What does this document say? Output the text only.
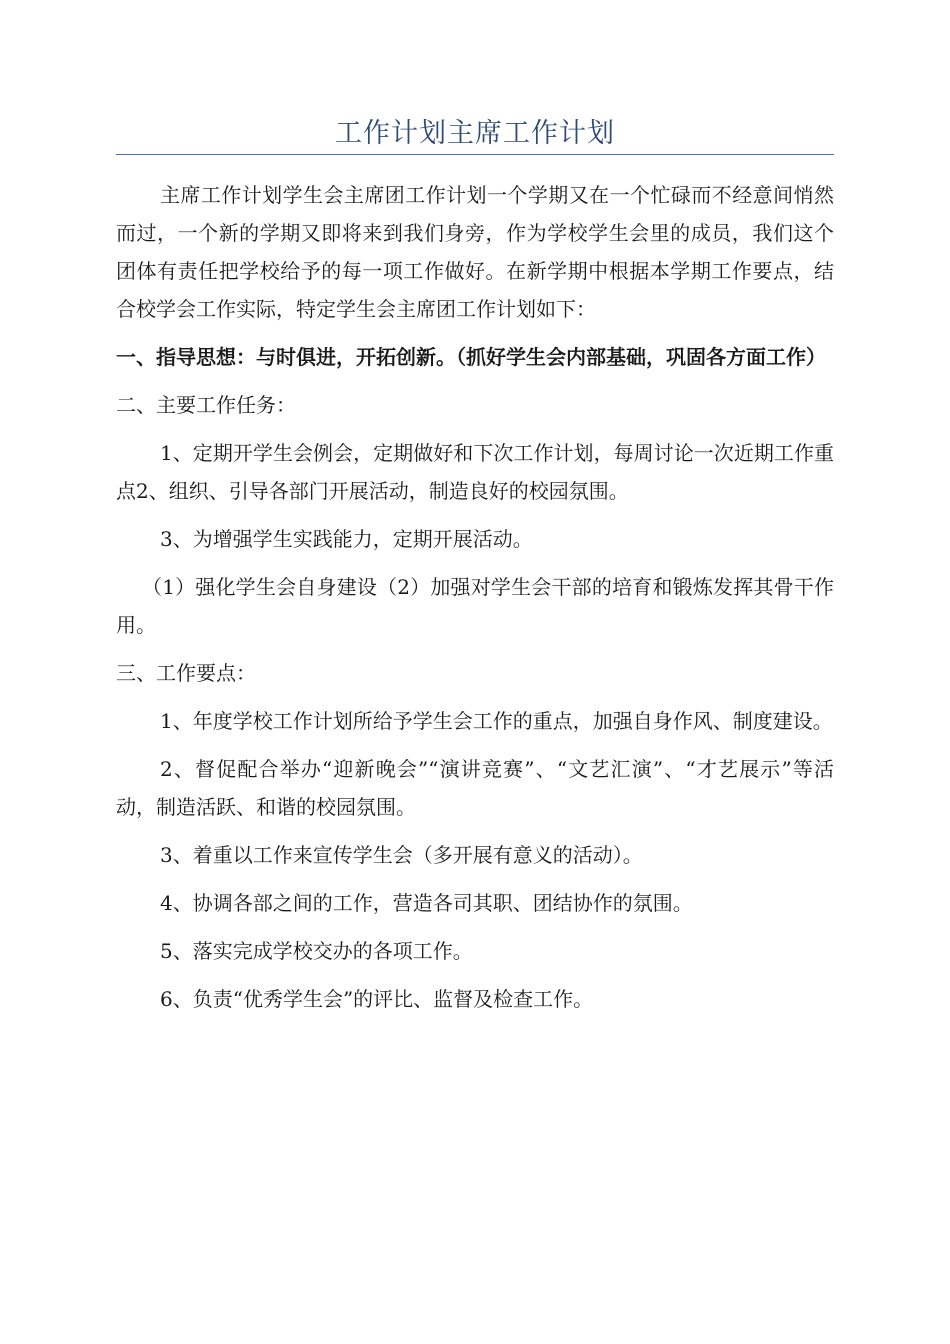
工作计划主席工作计划

主席工作计划学生会主席团工作计划一个学期又在一个忙碌而不经意间悄然而过，一个新的学期又即将来到我们身旁，作为学校学生会里的成员，我们这个团体有责任把学校给予的每一项工作做好。在新学期中根据本学期工作要点，结合校学会工作实际，特定学生会主席团工作计划如下：

一、指导思想：与时俱进，开拓创新。（抓好学生会内部基础，巩固各方面工作）

二、主要工作任务：

1、定期开学生会例会，定期做好和下次工作计划，每周讨论一次近期工作重点2、组织、引导各部门开展活动，制造良好的校园氛围。

3、为增强学生实践能力，定期开展活动。

（1）强化学生会自身建设（2）加强对学生会干部的培育和锻炼发挥其骨干作用。

三、工作要点：

1、年度学校工作计划所给予学生会工作的重点，加强自身作风、制度建设。

2、督促配合举办“迎新晚会”“演讲竞赛”、“文艺汇演”、“才艺展示”等活动，制造活跃、和谐的校园氛围。

3、着重以工作来宣传学生会（多开展有意义的活动）。

4、协调各部之间的工作，营造各司其职、团结协作的氛围。

5、落实完成学校交办的各项工作。

6、负责“优秀学生会”的评比、监督及检查工作。
